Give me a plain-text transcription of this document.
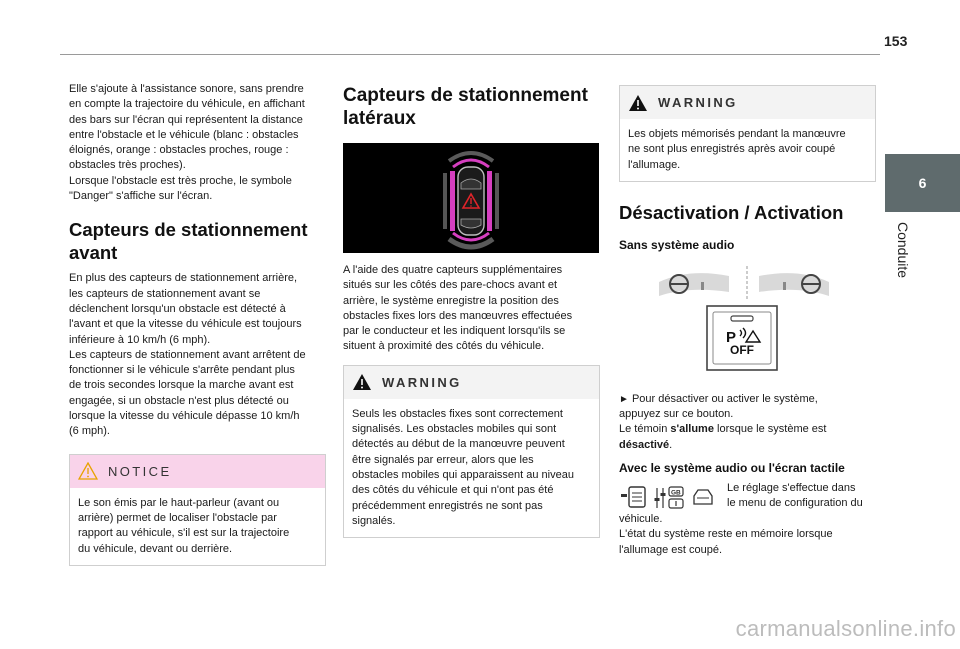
153
6
Conduite

Elle s'ajoute à l'assistance sonore, sans prendre
en compte la trajectoire du véhicule, en affichant
des bars sur l'écran qui représentent la distance
entre l'obstacle et le véhicule (blanc : obstacles
éloignés, orange : obstacles proches, rouge :
obstacles très proches).
Lorsque l'obstacle est très proche, le symbole
"Danger" s'affiche sur l'écran.

Capteurs de stationnement
avant

En plus des capteurs de stationnement arrière,
les capteurs de stationnement avant se
déclenchent lorsqu'un obstacle est détecté à
l'avant et que la vitesse du véhicule est toujours
inférieure à 10 km/h (6 mph).
Les capteurs de stationnement avant arrêtent de
fonctionner si le véhicule s'arrête pendant plus
de trois secondes lorsque la marche avant est
engagée, si un obstacle n'est plus détecté ou
lorsque la vitesse du véhicule dépasse 10 km/h
(6 mph).

NOTICE
Le son émis par le haut-parleur (avant ou
arrière) permet de localiser l'obstacle par
rapport au véhicule, s'il est sur la trajectoire
du véhicule, devant ou derrière.
Capteurs de stationnement
latéraux

A l'aide des quatre capteurs supplémentaires
situés sur les côtés des pare-chocs avant et
arrière, le système enregistre la position des
obstacles fixes lors des manœuvres effectuées
par le conducteur et les indiquent lorsqu'ils se
situent à proximité des côtés du véhicule.

WARNING
Seuls les obstacles fixes sont correctement
signalisés. Les obstacles mobiles qui sont
détectés au début de la manœuvre peuvent
être signalés par erreur, alors que les
obstacles mobiles qui apparaissent au niveau
des côtés du véhicule et qui n'ont pas été
précédemment enregistrés ne sont pas
signalés.
WARNING
Les objets mémorisés pendant la manœuvre
ne sont plus enregistrés après avoir coupé
l'allumage.
Désactivation / Activation
Sans système audio
P
OFF

► Pour désactiver ou activer le système,
appuyez sur ce bouton.
Le témoin s'allume lorsque le système est
désactivé.

Avec le système audio ou l'écran tactile
GB	Le réglage s'effectue dans
le menu de configuration du

véhicule.
L'état du système reste en mémoire lorsque
l'allumage est coupé.

carmanualsonline.info
